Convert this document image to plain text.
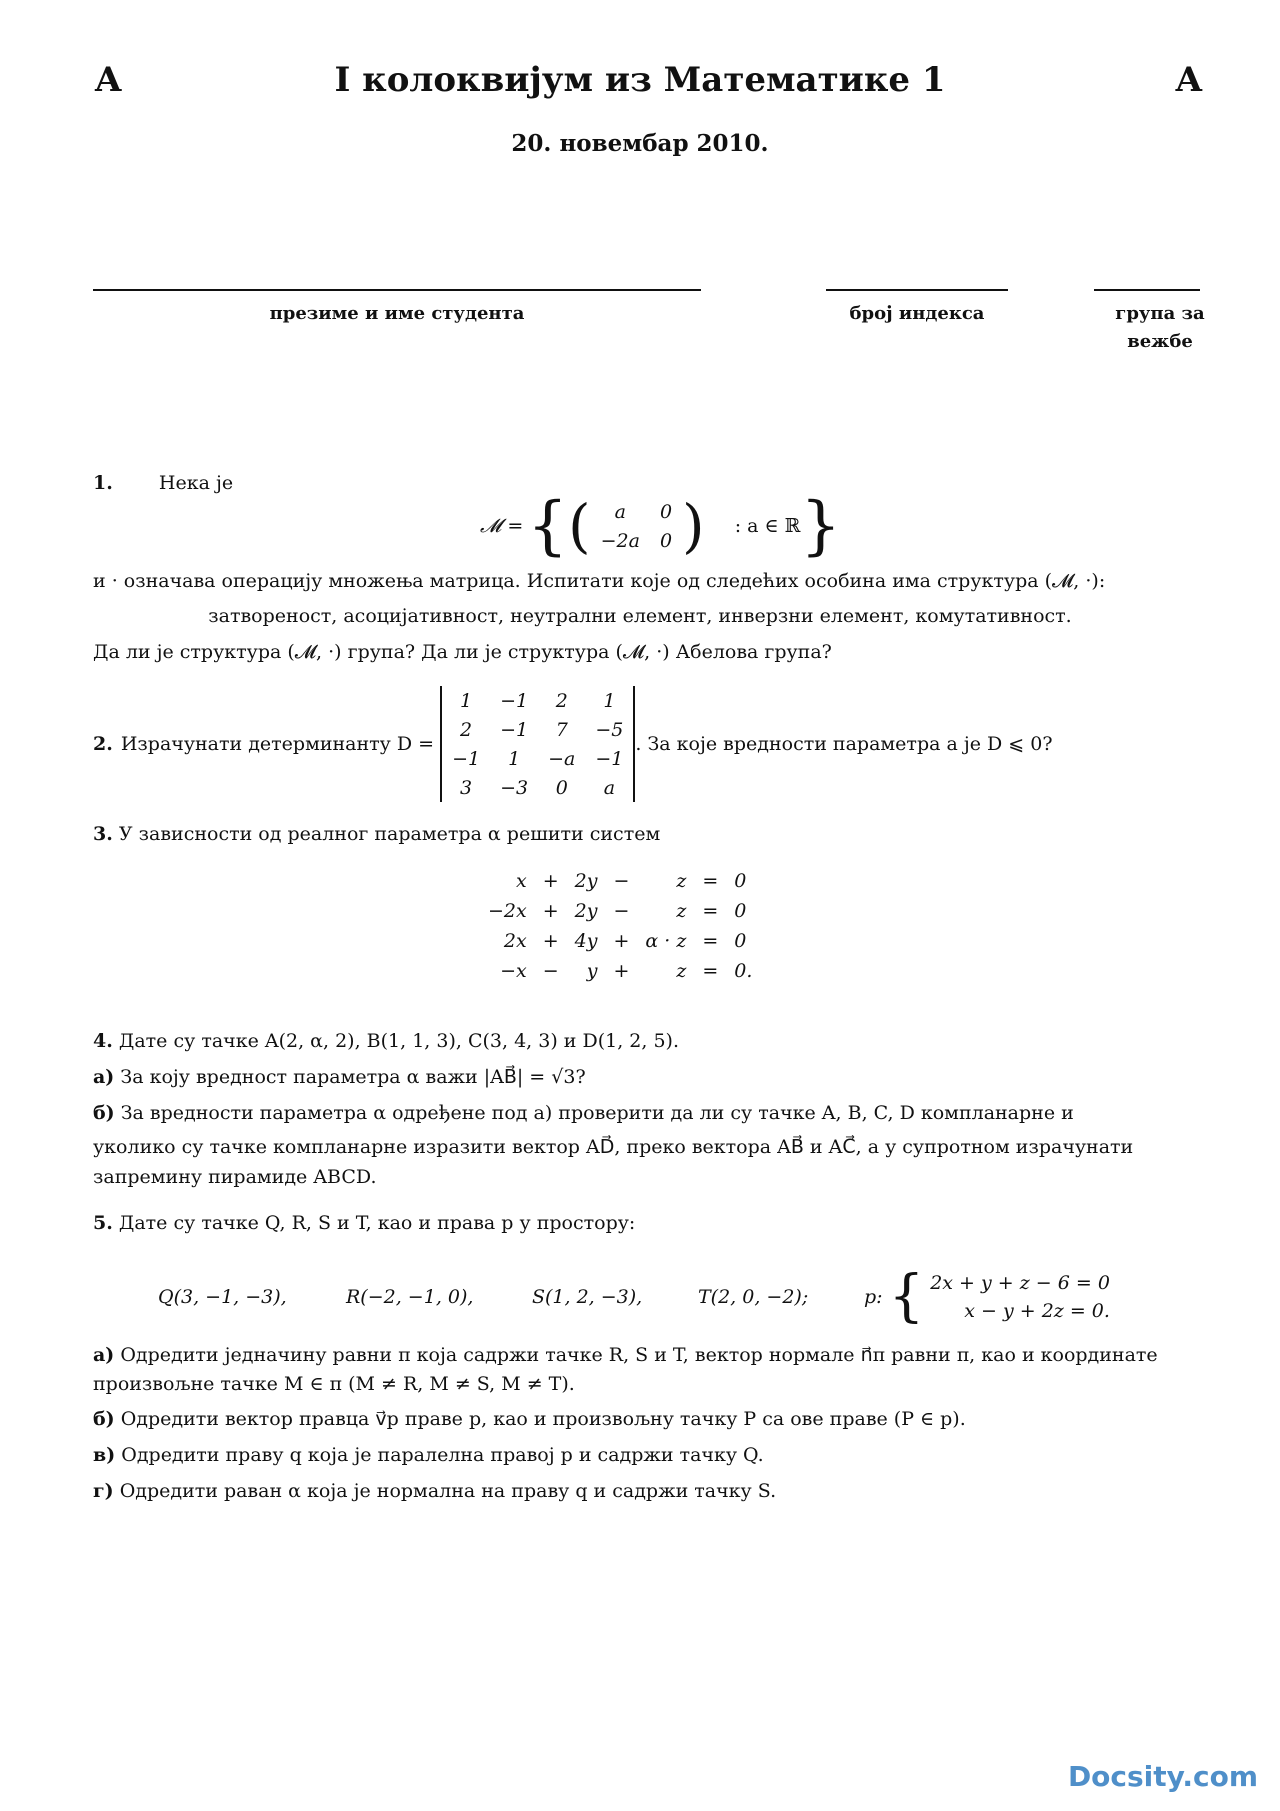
A	I колоквијум из Математике 1	A
20. новембар 2010.
презиме и име студента	број индекса	група за
вежбе
1. Нека је
𝓜 = { ( a	0
−2a	0 ) : a ∈ ℝ }
и · означава операцију множења матрица. Испитати које од следећих особина има структура (𝓜, ·):
затвореност, асоцијативност, неутрални елемент, инверзни елемент, комутативност.
Да ли је структура (𝓜, ·) група? Да ли је структура (𝓜, ·) Абелова група?
2. Израчунати детерминанту D =
1	−1	2	1
2	−1	7	−5
−1	1	−a	−1
3	−3	0	a
. За које вредности параметра a је D ⩽ 0?
3. У зависности од реалног параметра α решити систем
x	+	2y	−	z	=	0
−2x	+	2y	−	z	=	0
2x	+	4y	+	α · z	=	0
−x	−	y	+	z	=	0.
4. Дате су тачке A(2, α, 2), B(1, 1, 3), C(3, 4, 3) и D(1, 2, 5).
а) За коју вредност параметра α важи |AB⃗| = √3?
б) За вредности параметра α одређене под а) проверити да ли су тачке A, B, C, D компланарне и
уколико су тачке компланарне изразити вектор AD⃗, преко вектора AB⃗ и AC⃗, а у супротном израчунати
запремину пирамиде ABCD.
5. Дате су тачке Q, R, S и T, као и права p у простору:
Q(3, −1, −3),	R(−2, −1, 0),	S(1, 2, −3),	T(2, 0, −2);	p: { 2x + y + z − 6 = 0
x − y + 2z = 0.
а) Одредити једначину равни π која садржи тачке R, S и T, вектор нормале n⃗π равни π, као и координате
произвољне тачке M ∈ π (M ≠ R, M ≠ S, M ≠ T).
б) Одредити вектор правца v⃗p праве p, као и произвољну тачку P са ове праве (P ∈ p).
в) Одредити праву q која је паралелна правој p и садржи тачку Q.
г) Одредити раван α која је нормална на праву q и садржи тачку S.
Docsity.com
